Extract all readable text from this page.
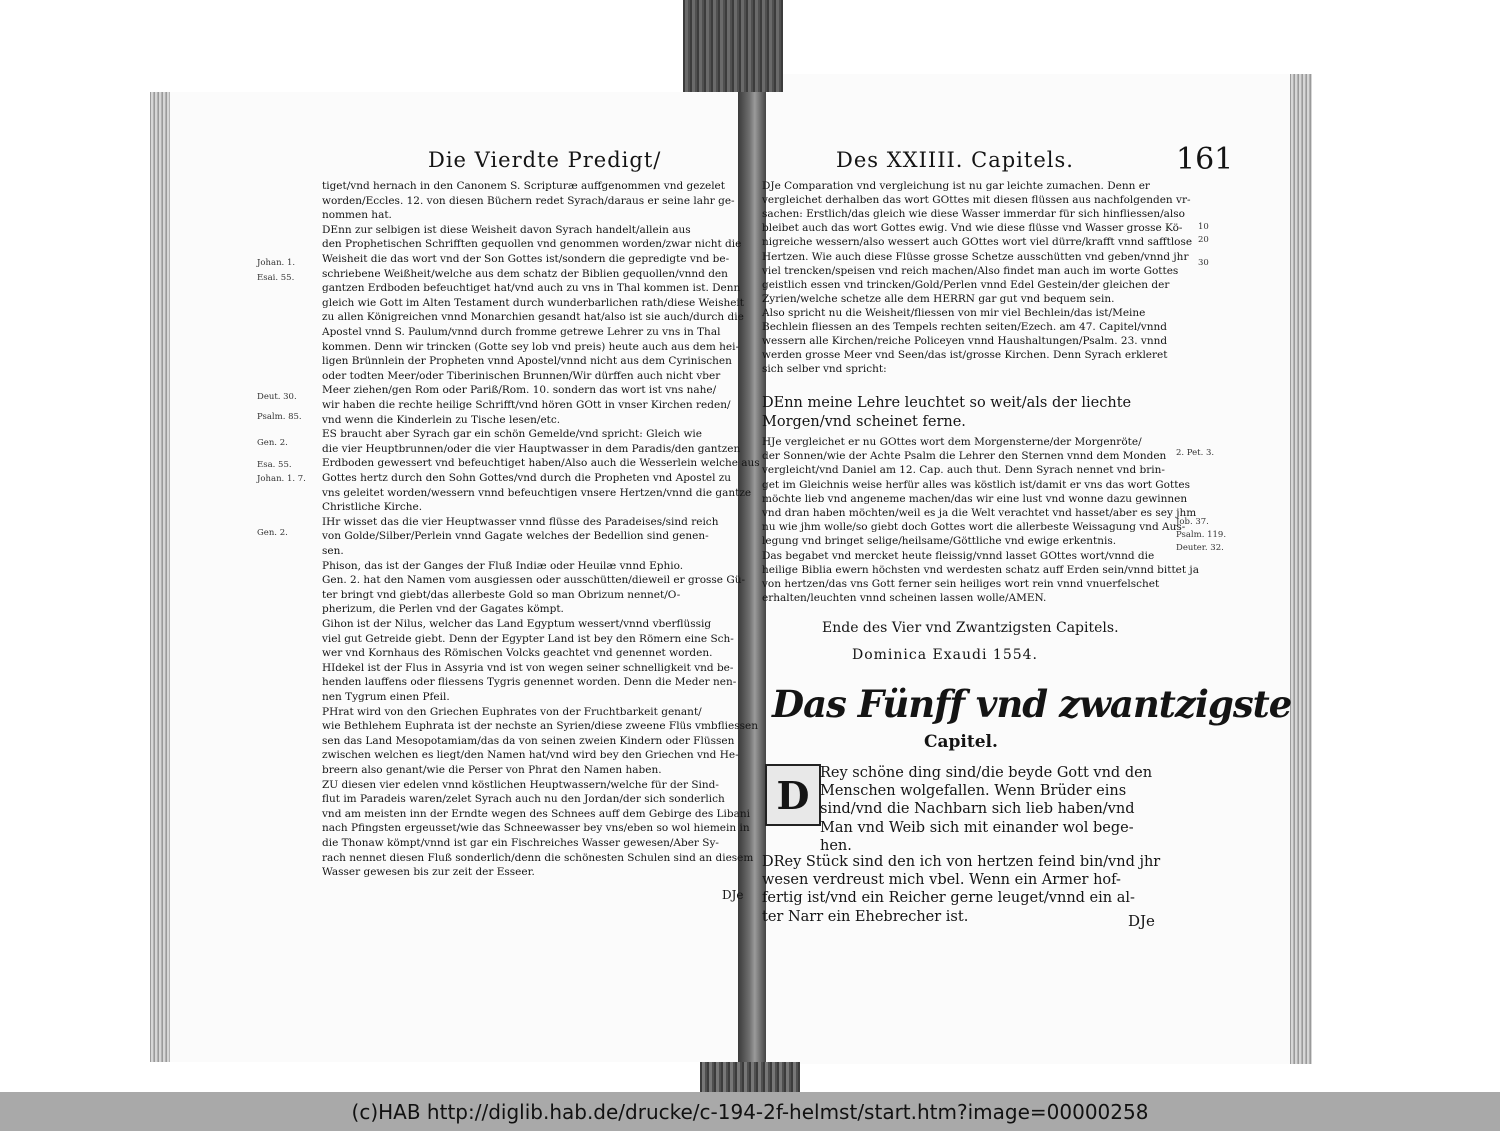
Die Vierdte Predigt/
tiget/vnd hernach in den Canonem S. Scripturæ auffgenommen vnd gezelet
worden/Eccles. 12. von diesen Büchern redet Syrach/daraus er seine lahr ge-
nommen hat.
DEnn zur selbigen ist diese Weisheit davon Syrach handelt/allein aus
den Prophetischen Schrifften gequollen vnd genommen worden/zwar nicht die
Weisheit die das wort vnd der Son Gottes ist/sondern die gepredigte vnd be-
schriebene Weißheit/welche aus dem schatz der Biblien gequollen/vnnd den
gantzen Erdboden befeuchtiget hat/vnd auch zu vns in Thal kommen ist. Denn
gleich wie Gott im Alten Testament durch wunderbarlichen rath/diese Weisheit
zu allen Königreichen vnnd Monarchien gesandt hat/also ist sie auch/durch die
Apostel vnnd S. Paulum/vnnd durch fromme getrewe Lehrer zu vns in Thal
kommen. Denn wir trincken (Gotte sey lob vnd preis) heute auch aus dem hei-
ligen Brünnlein der Propheten vnnd Apostel/vnnd nicht aus dem Cyrinischen
oder todten Meer/oder Tiberinischen Brunnen/Wir dürffen auch nicht vber
Meer ziehen/gen Rom oder Pariß/Rom. 10. sondern das wort ist vns nahe/
wir haben die rechte heilige Schrifft/vnd hören GOtt in vnser Kirchen reden/
vnd wenn die Kinderlein zu Tische lesen/etc.
ES braucht aber Syrach gar ein schön Gemelde/vnd spricht: Gleich wie
die vier Heuptbrunnen/oder die vier Hauptwasser in dem Paradis/den gantzen
Erdboden gewessert vnd befeuchtiget haben/Also auch die Wesserlein welche aus
Gottes hertz durch den Sohn Gottes/vnd durch die Propheten vnd Apostel zu
vns geleitet worden/wessern vnnd befeuchtigen vnsere Hertzen/vnnd die gantze
Christliche Kirche.
IHr wisset das die vier Heuptwasser vnnd flüsse des Paradeises/sind reich
von Golde/Silber/Perlein vnnd Gagate welches der Bedellion sind genen-
sen.
Phison, das ist der Ganges der Fluß Indiæ oder Heuilæ vnnd Ephio.
Gen. 2. hat den Namen vom ausgiessen oder ausschütten/dieweil er grosse Gü-
ter bringt vnd giebt/das allerbeste Gold so man Obrizum nennet/O-
pherizum, die Perlen vnd der Gagates kömpt.
Gihon ist der Nilus, welcher das Land Egyptum wessert/vnnd vberflüssig
viel gut Getreide giebt. Denn der Egypter Land ist bey den Römern eine Sch-
wer vnd Kornhaus des Römischen Volcks geachtet vnd genennet worden.
HIdekel ist der Flus in Assyria vnd ist von wegen seiner schnelligkeit vnd be-
henden lauffens oder fliessens Tygris genennet worden. Denn die Meder nen-
nen Tygrum einen Pfeil.
PHrat wird von den Griechen Euphrates von der Fruchtbarkeit genant/
wie Bethlehem Euphrata ist der nechste an Syrien/diese zweene Flüs vmbfliessen
sen das Land Mesopotamiam/das da von seinen zweien Kindern oder Flüssen
zwischen welchen es liegt/den Namen hat/vnd wird bey den Griechen vnd He-
breern also genant/wie die Perser von Phrat den Namen haben.
ZU diesen vier edelen vnnd köstlichen Heuptwassern/welche für der Sind-
flut im Paradeis waren/zelet Syrach auch nu den Jordan/der sich sonderlich
vnd am meisten inn der Erndte wegen des Schnees auff dem Gebirge des Libani
nach Pfingsten ergeusset/wie das Schneewasser bey vns/eben so wol hiemein in
die Thonaw kömpt/vnnd ist gar ein Fischreiches Wasser gewesen/Aber Sy-
rach nennet diesen Fluß sonderlich/denn die schönesten Schulen sind an diesem
Wasser gewesen bis zur zeit der Esseer.
Johan. 1.
Esai. 55.
Deut. 30.
Psalm. 85.
Gen. 2.
Esa. 55.
Johan. 1. 7.
Gen. 2.
DJe
Des XXIIII. Capitels.	161
DJe Comparation vnd vergleichung ist nu gar leichte zumachen. Denn er
vergleichet derhalben das wort GOttes mit diesen flüssen aus nachfolgenden vr-
sachen: Erstlich/das gleich wie diese Wasser immerdar für sich hinfliessen/also
bleibet auch das wort Gottes ewig. Vnd wie diese flüsse vnd Wasser grosse Kö-
nigreiche wessern/also wessert auch GOttes wort viel dürre/krafft vnnd safftlose
Hertzen. Wie auch diese Flüsse grosse Schetze ausschütten vnd geben/vnnd jhr
viel trencken/speisen vnd reich machen/Also findet man auch im worte Gottes
geistlich essen vnd trincken/Gold/Perlen vnnd Edel Gestein/der gleichen der
Zyrien/welche schetze alle dem HERRN gar gut vnd bequem sein.
Also spricht nu die Weisheit/fliessen von mir viel Bechlein/das ist/Meine
Bechlein fliessen an des Tempels rechten seiten/Ezech. am 47. Capitel/vnnd
wessern alle Kirchen/reiche Policeyen vnnd Haushaltungen/Psalm. 23. vnnd
werden grosse Meer vnd Seen/das ist/grosse Kirchen. Denn Syrach erkleret
sich selber vnd spricht:
DEnn meine Lehre leuchtet so weit/als der liechte
Morgen/vnd scheinet ferne.
HJe vergleichet er nu GOttes wort dem Morgensterne/der Morgenröte/
der Sonnen/wie der Achte Psalm die Lehrer den Sternen vnnd dem Monden
vergleicht/vnd Daniel am 12. Cap. auch thut. Denn Syrach nennet vnd brin-
get im Gleichnis weise herfür alles was köstlich ist/damit er vns das wort Gottes
möchte lieb vnd angeneme machen/das wir eine lust vnd wonne dazu gewinnen
vnd dran haben möchten/weil es ja die Welt verachtet vnd hasset/aber es sey jhm
nu wie jhm wolle/so giebt doch Gottes wort die allerbeste Weissagung vnd Aus-
legung vnd bringet selige/heilsame/Göttliche vnd ewige erkentnis.
Das begabet vnd mercket heute fleissig/vnnd lasset GOttes wort/vnnd die
heilige Biblia ewern höchsten vnd werdesten schatz auff Erden sein/vnnd bittet ja
von hertzen/das vns Gott ferner sein heiliges wort rein vnnd vnuerfelschet
erhalten/leuchten vnnd scheinen lassen wolle/AMEN.
10
20
30
2. Pet. 3.
Job. 37.
Psalm. 119.
Deuter. 32.
Ende des Vier vnd Zwantzigsten Capitels.
Dominica Exaudi 1554.
Das Fünff vnd zwantzigste
Capitel.
D Rey schöne ding sind/die beyde Gott vnd den
Menschen wolgefallen. Wenn Brüder eins
sind/vnd die Nachbarn sich lieb haben/vnd
Man vnd Weib sich mit einander wol bege-
hen.
DRey Stück sind den ich von hertzen feind bin/vnd jhr
wesen verdreust mich vbel. Wenn ein Armer hof-
fertig ist/vnd ein Reicher gerne leuget/vnnd ein al-
ter Narr ein Ehebrecher ist.	DJe
(c)HAB http://diglib.hab.de/drucke/c-194-2f-helmst/start.htm?image=00000258
